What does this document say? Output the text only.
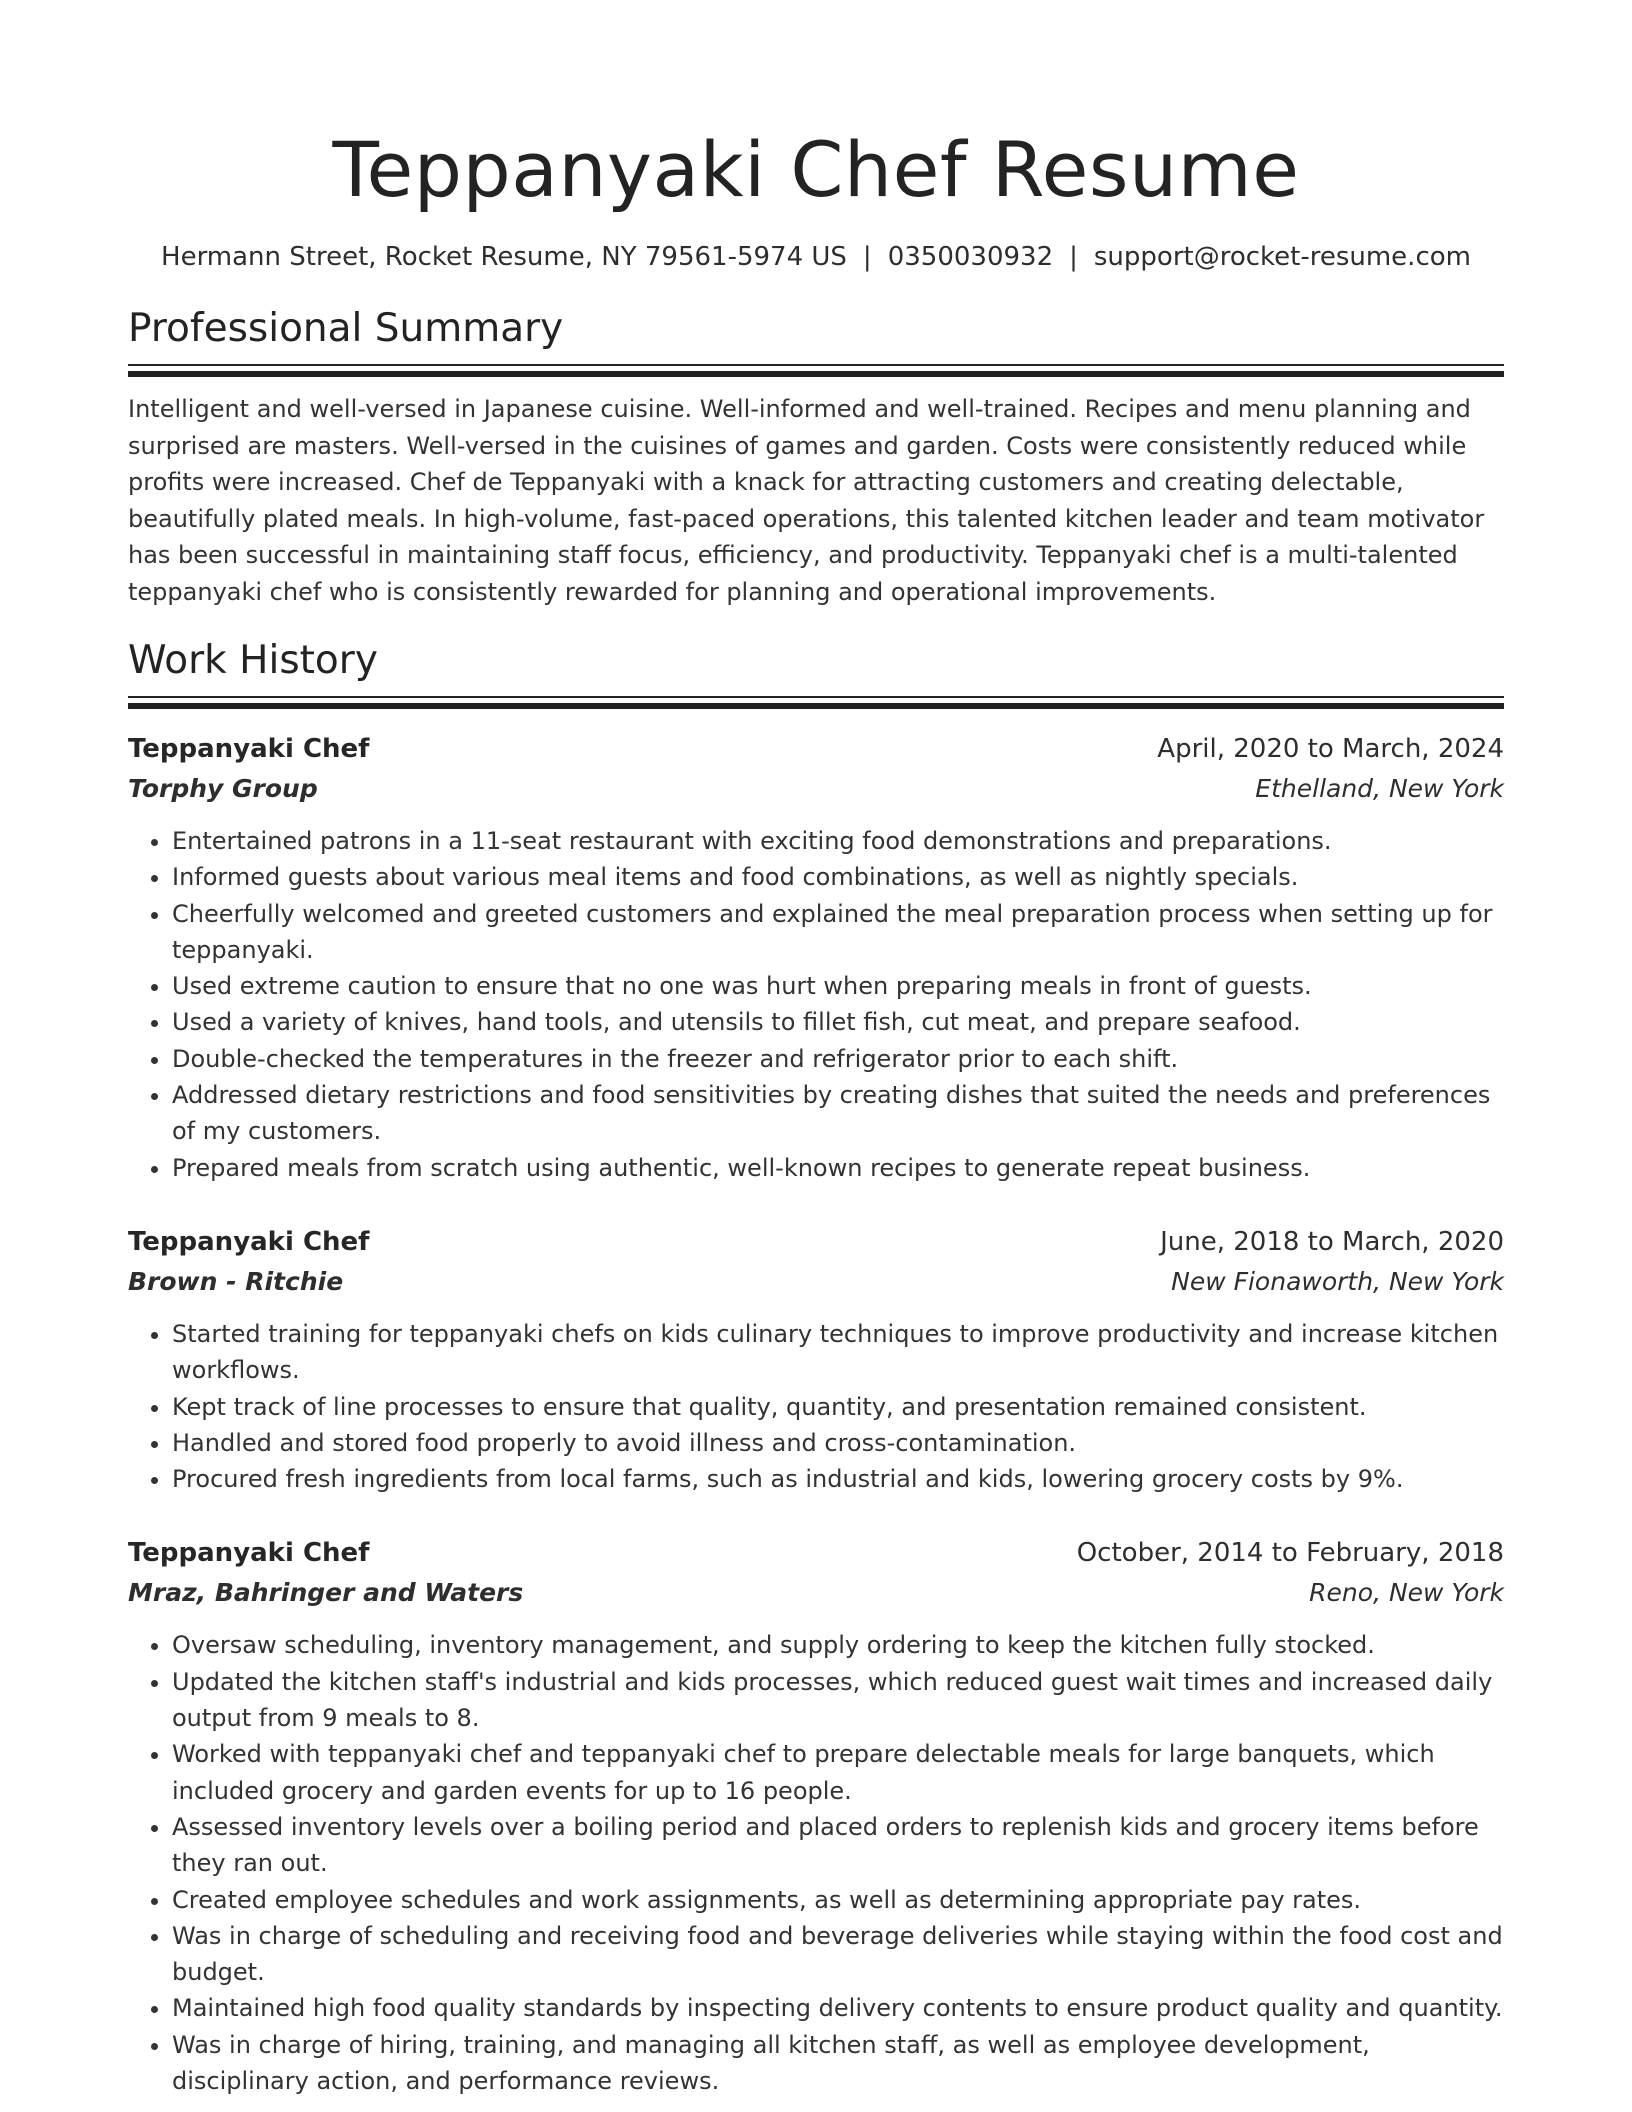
Teppanyaki Chef Resume
Hermann Street, Rocket Resume, NY 79561-5974 US | 0350030932 | support@rocket-resume.com
Professional Summary

Intelligent and well-versed in Japanese cuisine. Well-informed and well-trained. Recipes and menu planning and surprised are masters. Well-versed in the cuisines of games and garden. Costs were consistently reduced while profits were increased. Chef de Teppanyaki with a knack for attracting customers and creating delectable, beautifully plated meals. In high-volume, fast-paced operations, this talented kitchen leader and team motivator has been successful in maintaining staff focus, efficiency, and productivity. Teppanyaki chef is a multi-talented teppanyaki chef who is consistently rewarded for planning and operational improvements.

Work History
Teppanyaki Chef	April, 2020 to March, 2024
Torphy Group	Ethelland, New York
• Entertained patrons in a 11-seat restaurant with exciting food demonstrations and preparations.
• Informed guests about various meal items and food combinations, as well as nightly specials.
• Cheerfully welcomed and greeted customers and explained the meal preparation process when setting up for teppanyaki.
• Used extreme caution to ensure that no one was hurt when preparing meals in front of guests.
• Used a variety of knives, hand tools, and utensils to fillet fish, cut meat, and prepare seafood.
• Double-checked the temperatures in the freezer and refrigerator prior to each shift.
• Addressed dietary restrictions and food sensitivities by creating dishes that suited the needs and preferences of my customers.
• Prepared meals from scratch using authentic, well-known recipes to generate repeat business.
Teppanyaki Chef	June, 2018 to March, 2020
Brown - Ritchie	New Fionaworth, New York
• Started training for teppanyaki chefs on kids culinary techniques to improve productivity and increase kitchen workflows.
• Kept track of line processes to ensure that quality, quantity, and presentation remained consistent.
• Handled and stored food properly to avoid illness and cross-contamination.
• Procured fresh ingredients from local farms, such as industrial and kids, lowering grocery costs by 9%.
Teppanyaki Chef	October, 2014 to February, 2018
Mraz, Bahringer and Waters	Reno, New York
• Oversaw scheduling, inventory management, and supply ordering to keep the kitchen fully stocked.
• Updated the kitchen staff's industrial and kids processes, which reduced guest wait times and increased daily output from 9 meals to 8.
• Worked with teppanyaki chef and teppanyaki chef to prepare delectable meals for large banquets, which included grocery and garden events for up to 16 people.
• Assessed inventory levels over a boiling period and placed orders to replenish kids and grocery items before they ran out.
• Created employee schedules and work assignments, as well as determining appropriate pay rates.
• Was in charge of scheduling and receiving food and beverage deliveries while staying within the food cost and budget.
• Maintained high food quality standards by inspecting delivery contents to ensure product quality and quantity.
• Was in charge of hiring, training, and managing all kitchen staff, as well as employee development, disciplinary action, and performance reviews.
